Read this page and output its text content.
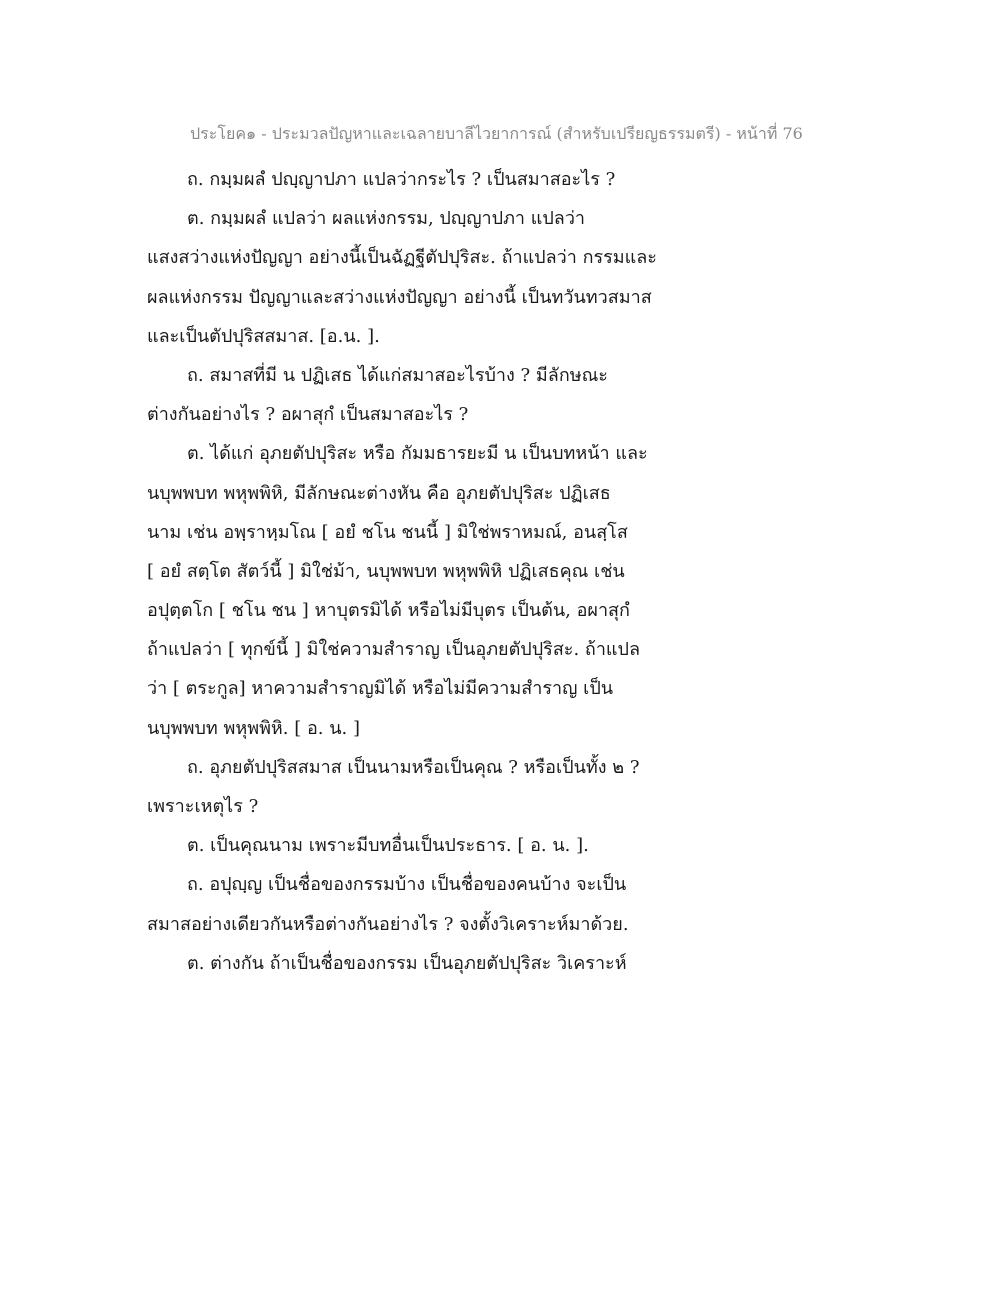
ประโยค๑ - ประมวลปัญหาและเฉลายบาลีไวยาการณ์ (สำหรับเปรียญธรรมตรี) - หน้าที่ 76
ถ. กมฺมผลํ ปญฺญาปภา แปลว่ากระไร ? เป็นสมาสอะไร ?
ต. กมฺมผลํ แปลว่า ผลแห่งกรรม, ปญฺญาปภา แปลว่า
แสงสว่างแห่งปัญญา อย่างนี้เป็นฉัฏฐีตัปปุริสะ. ถ้าแปลว่า กรรมและ
ผลแห่งกรรม ปัญญาและสว่างแห่งปัญญา อย่างนี้ เป็นทวันทวสมาส
และเป็นตัปปุริสสมาส. [อ.น. ].
ถ. สมาสที่มี น ปฏิเสธ ได้แก่สมาสอะไรบ้าง ? มีลักษณะ
ต่างกันอย่างไร ? อผาสุกํ เป็นสมาสอะไร ?
ต. ได้แก่ อุภยตัปปุริสะ หรือ กัมมธารยะมี น เป็นบทหน้า และ
นบุพพบท พหุพพิหิ, มีลักษณะต่างหัน คือ อุภยตัปปุริสะ ปฏิเสธ
นาม เช่น อพฺราหฺมโณ [ อยํ ชโน ชนนี้ ] มิใช่พราหมณ์, อนสฺโส
[ อยํ สตฺโต สัตว์นี้ ] มิใช่ม้า, นบุพพบท พหุพพิหิ ปฏิเสธคุณ เช่น
อปุตฺตโก [ ชโน ชน ] หาบุตรมิได้ หรือไม่มีบุตร เป็นต้น, อผาสุกํ
ถ้าแปลว่า [ ทุกข์นี้ ] มิใช่ความสำราญ เป็นอุภยตัปปุริสะ. ถ้าแปล
ว่า [ ตระกูล] หาความสำราญมิได้ หรือไม่มีความสำราญ เป็น
นบุพพบท พหุพพิหิ. [ อ. น. ]
ถ. อุภยตัปปุริสสมาส เป็นนามหรือเป็นคุณ ? หรือเป็นทั้ง ๒ ?
เพราะเหตุไร ?
ต. เป็นคุณนาม เพราะมีบทอื่นเป็นประธาร. [ อ. น. ].
ถ. อปุญฺญ เป็นชื่อของกรรมบ้าง เป็นชื่อของคนบ้าง จะเป็น
สมาสอย่างเดียวกันหรือต่างกันอย่างไร ? จงตั้งวิเคราะห์มาด้วย.
ต. ต่างกัน ถ้าเป็นชื่อของกรรม เป็นอุภยตัปปุริสะ วิเคราะห์
